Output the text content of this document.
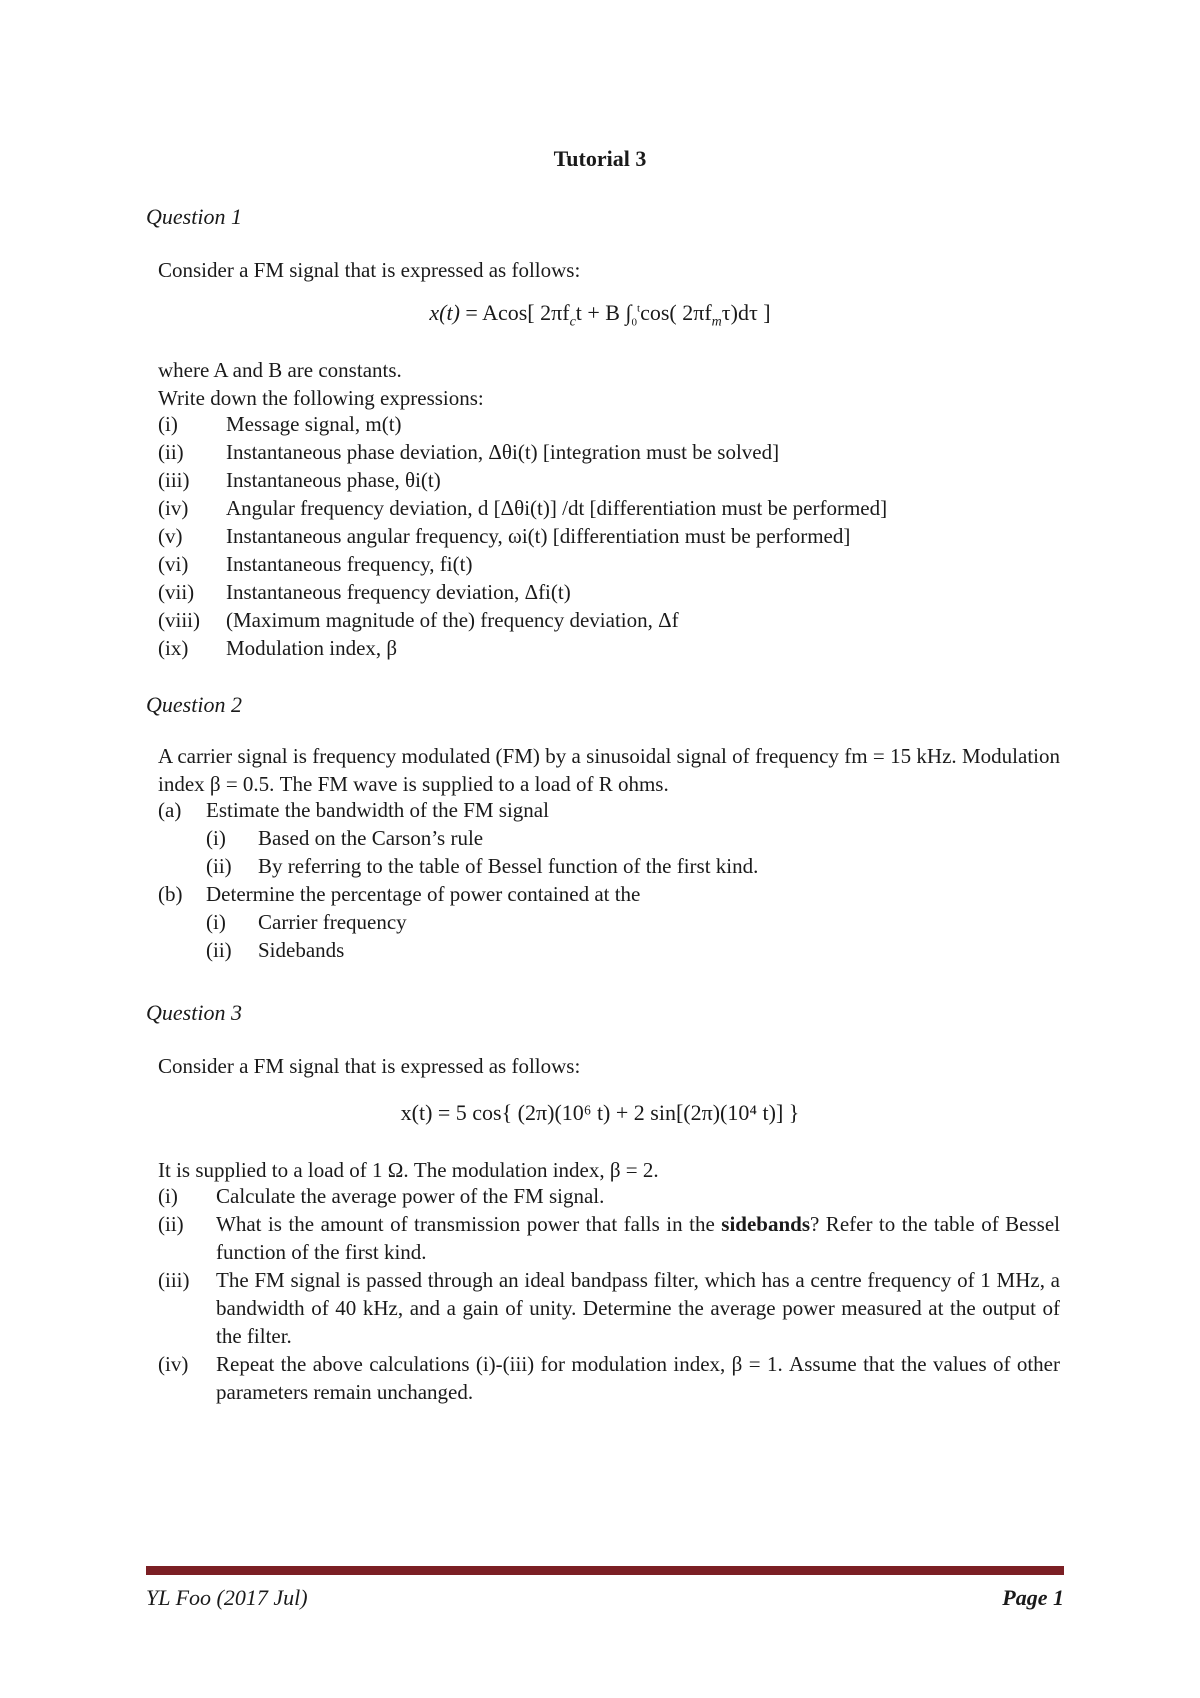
Tutorial 3
Question 1
Consider a FM signal that is expressed as follows:
x(t) = Acos[ $2\pi f_ct + B$ $\int_0^t\cos$( $2\pi f_m\tau)d\tau$ ]
where A and B are constants.
Write down the following expressions:
(i)	Message signal, m(t)
(ii)	Instantaneous phase deviation, Δθi(t) [integration must be solved]
(iii)	Instantaneous phase, θi(t)
(iv)	Angular frequency deviation, d [Δθi(t)] /dt [differentiation must be performed]
(v)	Instantaneous angular frequency, ωi(t) [differentiation must be performed]
(vi)	Instantaneous frequency, fi(t)
(vii)	Instantaneous frequency deviation, Δfi(t)
(viii)	(Maximum magnitude of the) frequency deviation, Δf
(ix)	Modulation index, β
Question 2
A carrier signal is frequency modulated (FM) by a sinusoidal signal of frequency fm = 15 kHz. Modulation index β = 0.5. The FM wave is supplied to a load of R ohms.
(a)	Estimate the bandwidth of the FM signal
(i)	Based on the Carson’s rule
(ii)	By referring to the table of Bessel function of the first kind.
(b)	Determine the percentage of power contained at the
(i)	Carrier frequency
(ii)	Sidebands
Question 3
Consider a FM signal that is expressed as follows:
x(t) = 5 cos{ (2π)(10⁶ t) + 2 sin[(2π)(10⁴ t)] }
It is supplied to a load of 1 Ω. The modulation index, β = 2.
(i)	Calculate the average power of the FM signal.
(ii)	What is the amount of transmission power that falls in the sidebands? Refer to the table of Bessel function of the first kind.
(iii)	The FM signal is passed through an ideal bandpass filter, which has a centre frequency of 1 MHz, a bandwidth of 40 kHz, and a gain of unity. Determine the average power measured at the output of the filter.
(iv)	Repeat the above calculations (i)-(iii) for modulation index, β = 1. Assume that the values of other parameters remain unchanged.
YL Foo (2017 Jul)	Page 1
